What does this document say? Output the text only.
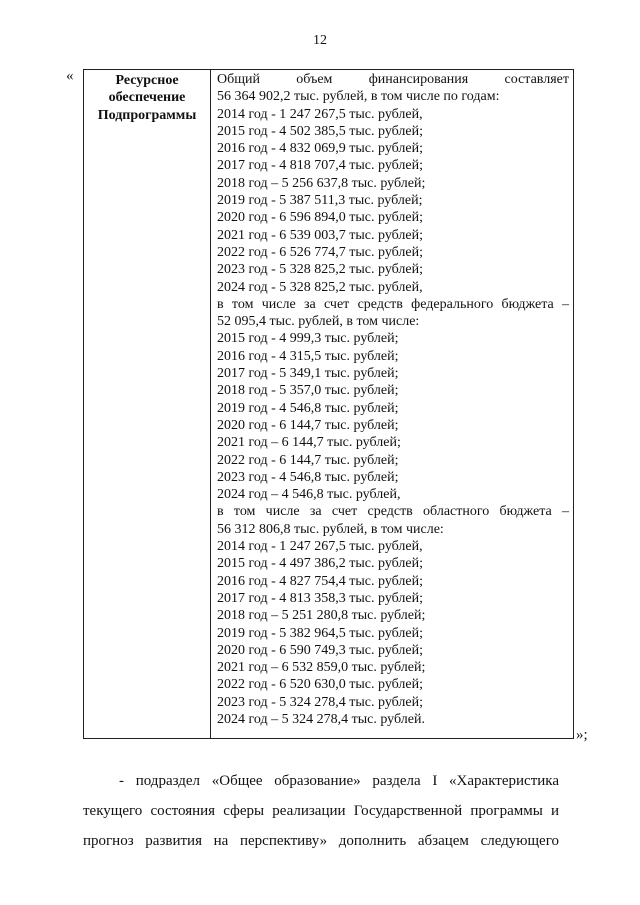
12
«	Ресурсное
обеспечение
Подпрограммы
Общий объем финансирования составляет
56 364 902,2 тыс. рублей, в том числе по годам:
2014 год - 1 247 267,5 тыс. рублей,
2015 год - 4 502 385,5 тыс. рублей;
2016 год - 4 832 069,9 тыс. рублей;
2017 год - 4 818 707,4 тыс. рублей;
2018 год – 5 256 637,8 тыс. рублей;
2019 год - 5 387 511,3 тыс. рублей;
2020 год - 6 596 894,0 тыс. рублей;
2021 год - 6 539 003,7 тыс. рублей;
2022 год - 6 526 774,7 тыс. рублей;
2023 год - 5 328 825,2 тыс. рублей;
2024 год - 5 328 825,2 тыс. рублей,
в том числе за счет средств федерального бюджета –
52 095,4 тыс. рублей, в том числе:
2015 год - 4 999,3 тыс. рублей;
2016 год - 4 315,5 тыс. рублей;
2017 год - 5 349,1 тыс. рублей;
2018 год - 5 357,0 тыс. рублей;
2019 год - 4 546,8 тыс. рублей;
2020 год - 6 144,7 тыс. рублей;
2021 год – 6 144,7 тыс. рублей;
2022 год - 6 144,7 тыс. рублей;
2023 год - 4 546,8 тыс. рублей;
2024 год – 4 546,8 тыс. рублей,
в том числе за счет средств областного бюджета –
56 312 806,8 тыс. рублей, в том числе:
2014 год - 1 247 267,5 тыс. рублей,
2015 год - 4 497 386,2 тыс. рублей;
2016 год - 4 827 754,4 тыс. рублей;
2017 год - 4 813 358,3 тыс. рублей;
2018 год – 5 251 280,8 тыс. рублей;
2019 год - 5 382 964,5 тыс. рублей;
2020 год - 6 590 749,3 тыс. рублей;
2021 год – 6 532 859,0 тыс. рублей;
2022 год - 6 520 630,0 тыс. рублей;
2023 год - 5 324 278,4 тыс. рублей;
2024 год – 5 324 278,4 тыс. рублей.
»;
- подраздел «Общее образование» раздела I «Характеристика
текущего состояния сферы реализации Государственной программы и
прогноз развития на перспективу» дополнить абзацем следующего
